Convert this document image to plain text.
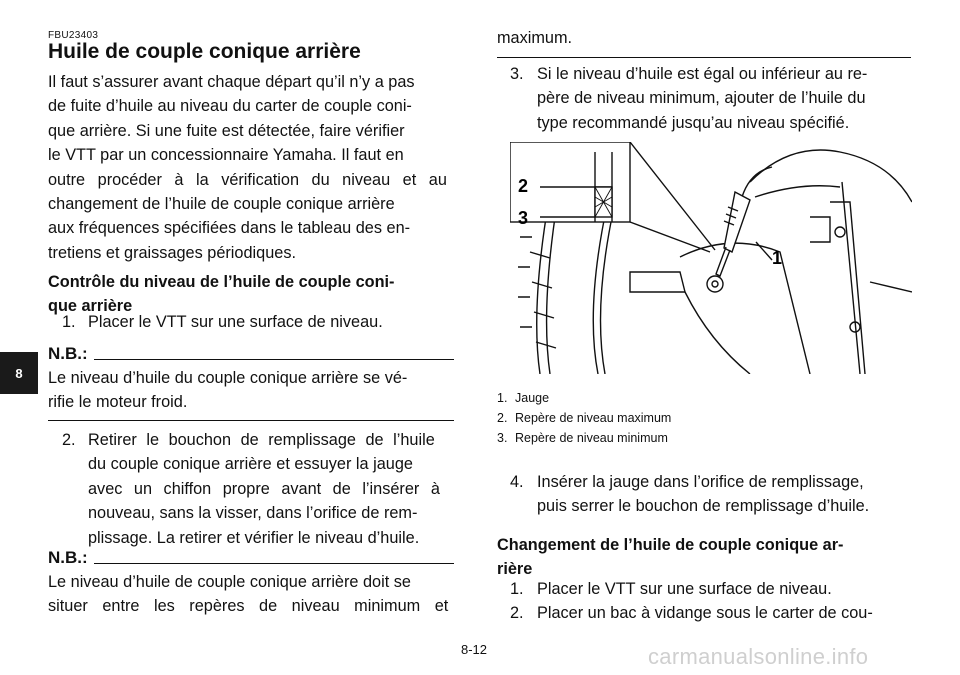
8
FBU23403
Huile de couple conique arrière
Il faut s’assurer avant chaque départ qu’il n’y a pas
de fuite d’huile au niveau du carter de couple coni-
que arrière. Si une fuite est détectée, faire vérifier
le VTT par un concessionnaire Yamaha. Il faut en
outre procéder à la vérification du niveau et au
changement de l’huile de couple conique arrière
aux fréquences spécifiées dans le tableau des en-
tretiens et graissages périodiques.
Contrôle du niveau de l’huile de couple coni-
que arrière
1. Placer le VTT sur une surface de niveau.
N.B.:
Le niveau d’huile du couple conique arrière se vé-
rifie le moteur froid.
2. Retirer le bouchon de remplissage de l’huile
du couple conique arrière et essuyer la jauge
avec un chiffon propre avant de l’insérer à
nouveau, sans la visser, dans l’orifice de rem-
plissage. La retirer et vérifier le niveau d’huile.
N.B.:
Le niveau d’huile de couple conique arrière doit se
situer entre les repères de niveau minimum et
maximum.
3. Si le niveau d’huile est égal ou inférieur au re-
père de niveau minimum, ajouter de l’huile du
type recommandé jusqu’au niveau spécifié.
2
3
1
1. Jauge
2. Repère de niveau maximum
3. Repère de niveau minimum
4. Insérer la jauge dans l’orifice de remplissage,
puis serrer le bouchon de remplissage d’huile.
Changement de l’huile de couple conique ar-
rière
1. Placer le VTT sur une surface de niveau.
2. Placer un bac à vidange sous le carter de cou-
8-12	carmanualsonline.info
